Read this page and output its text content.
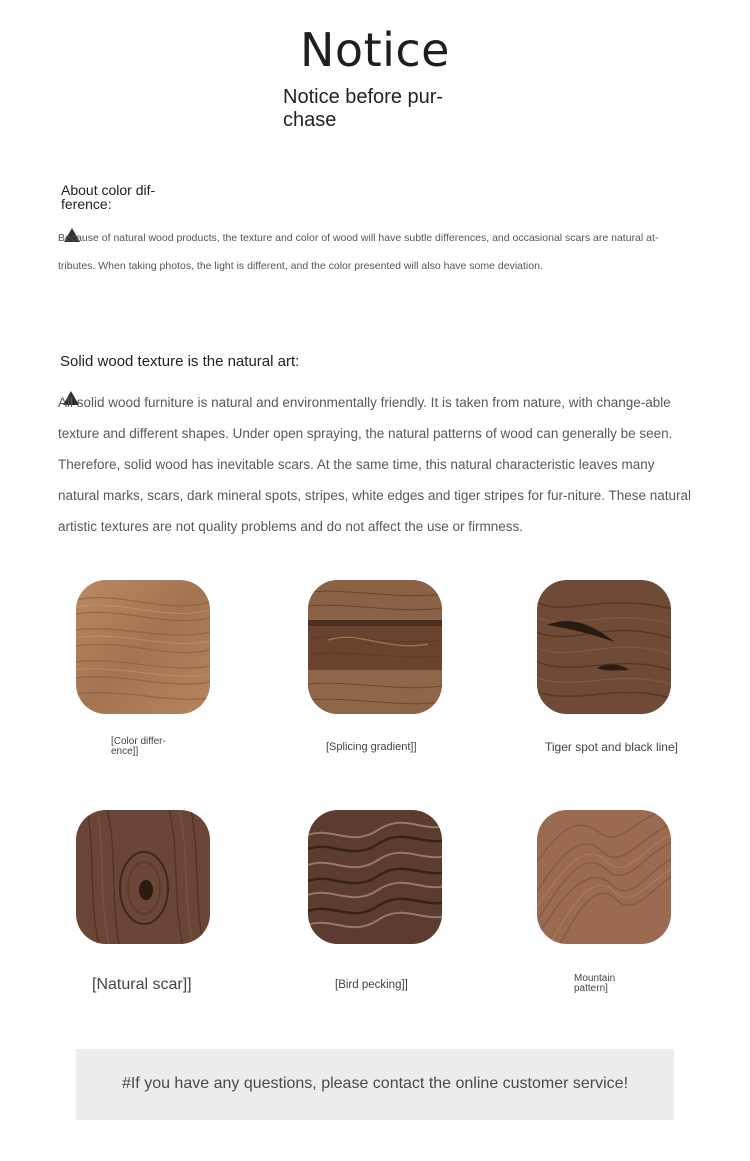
Notice
Notice before pur-chase
About color dif-ference:
Because of natural wood products, the texture and color of wood will have subtle differences, and occasional scars are natural at-tributes. When taking photos, the light is different, and the color presented will also have some deviation.
Solid wood texture is the natural art:
All solid wood furniture is natural and environmentally friendly. It is taken from nature, with change-able texture and different shapes. Under open spraying, the natural patterns of wood can generally be seen. Therefore, solid wood has inevitable scars. At the same time, this natural characteristic leaves many natural marks, scars, dark mineral spots, stripes, white edges and tiger stripes for fur-niture. These natural artistic textures are not quality problems and do not affect the use or firmness.
[Color differ-ence]]	[Splicing gradient]]	Tiger spot and black line]
[Natural scar]]	[Bird pecking]]
Mountain pattern]
#If you have any questions, please contact the online customer service!
